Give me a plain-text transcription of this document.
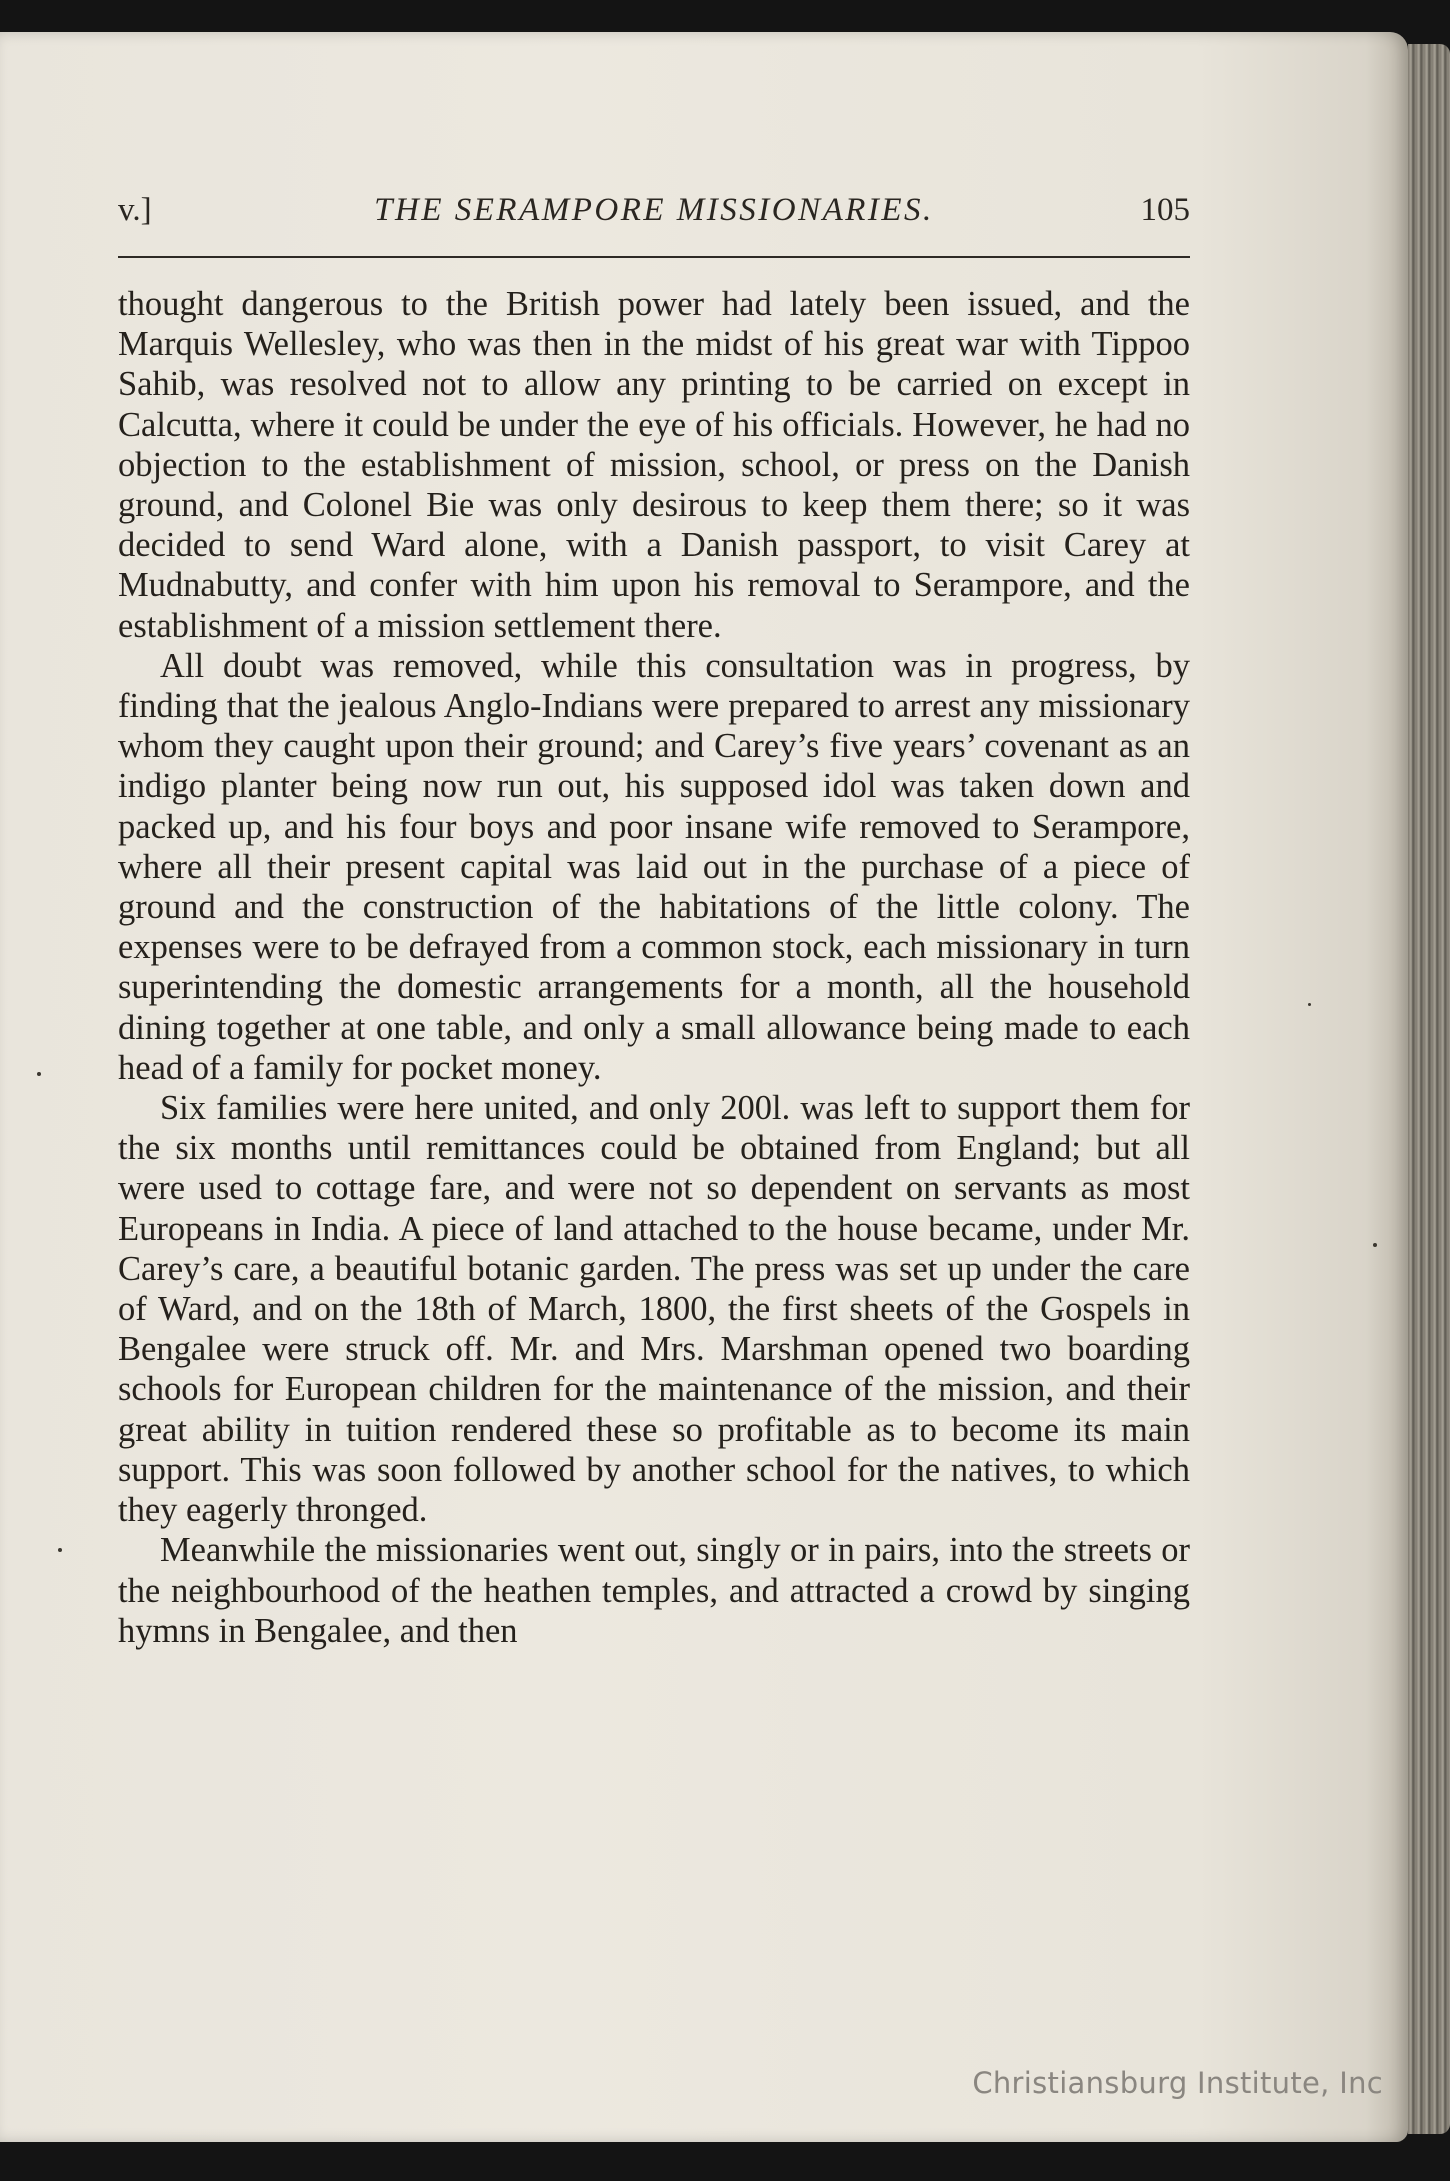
v.]	THE SERAMPORE MISSIONARIES.	105

thought dangerous to the British power had lately been issued, and the Marquis Wellesley, who was then in the midst of his great war with Tippoo Sahib, was resolved not to allow any printing to be carried on except in Calcutta, where it could be under the eye of his officials. However, he had no objection to the establishment of mission, school, or press on the Danish ground, and Colonel Bie was only desirous to keep them there; so it was decided to send Ward alone, with a Danish passport, to visit Carey at Mudnabutty, and confer with him upon his removal to Serampore, and the establishment of a mission settlement there.

All doubt was removed, while this consultation was in progress, by finding that the jealous Anglo-Indians were prepared to arrest any missionary whom they caught upon their ground; and Carey’s five years’ covenant as an indigo planter being now run out, his supposed idol was taken down and packed up, and his four boys and poor insane wife removed to Serampore, where all their present capital was laid out in the purchase of a piece of ground and the construction of the habitations of the little colony. The expenses were to be defrayed from a common stock, each missionary in turn superintending the domestic arrangements for a month, all the household dining together at one table, and only a small allowance being made to each head of a family for pocket money.

Six families were here united, and only 200l. was left to support them for the six months until remittances could be obtained from England; but all were used to cottage fare, and were not so dependent on servants as most Europeans in India. A piece of land attached to the house became, under Mr. Carey’s care, a beautiful botanic garden. The press was set up under the care of Ward, and on the 18th of March, 1800, the first sheets of the Gospels in Bengalee were struck off. Mr. and Mrs. Marshman opened two boarding schools for European children for the maintenance of the mission, and their great ability in tuition rendered these so profitable as to become its main support. This was soon followed by another school for the natives, to which they eagerly thronged.

Meanwhile the missionaries went out, singly or in pairs, into the streets or the neighbourhood of the heathen temples, and attracted a crowd by singing hymns in Bengalee, and then

Christiansburg Institute, Inc
